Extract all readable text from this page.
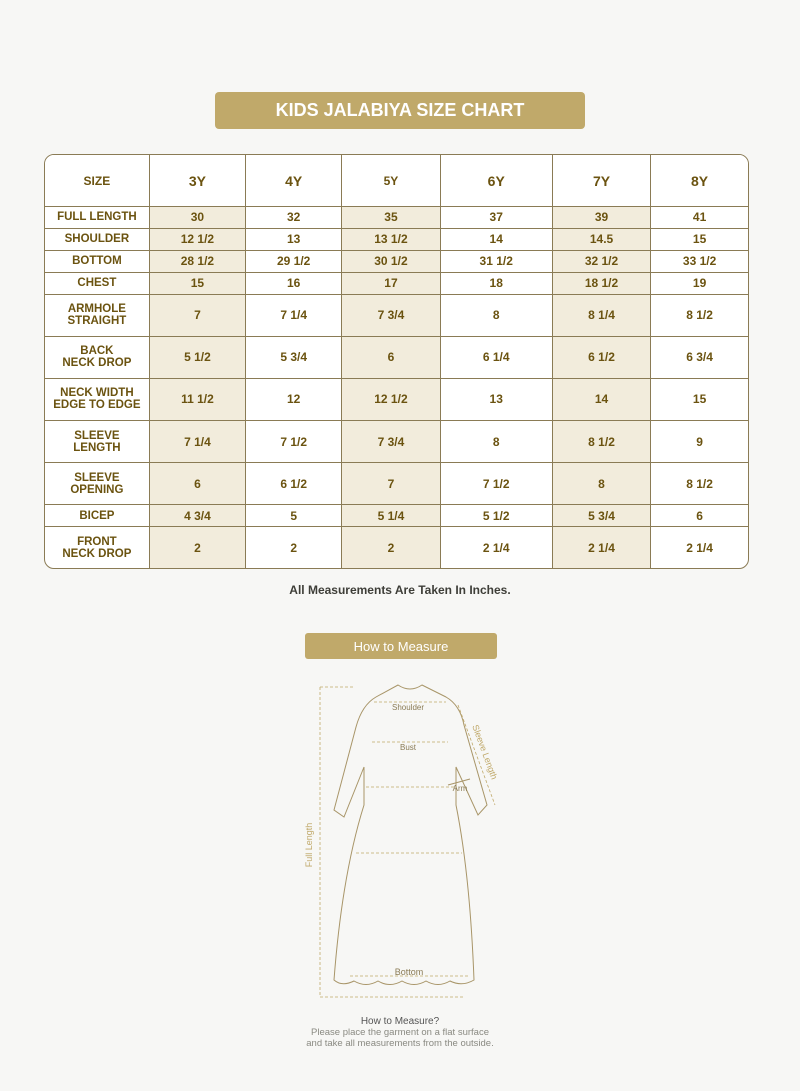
KIDS JALABIYA SIZE CHART
SIZE	3Y	4Y	5Y	6Y	7Y	8Y

FULL LENGTH	30	32	35	37	39	41

SHOULDER	12 1/2	13	13 1/2	14	14.5	15

BOTTOM	28 1/2	29 1/2	30 1/2	31 1/2	32 1/2	33 1/2

CHEST	15	16	17	18	18 1/2	19

ARMHOLE
STRAIGHT	7	7 1/4	7 3/4	8	8 1/4	8 1/2

BACK
NECK DROP	5 1/2	5 3/4	6	6 1/4	6 1/2	6 3/4

NECK WIDTH
EDGE TO EDGE	11 1/2	12	12 1/2	13	14	15

SLEEVE
LENGTH	7 1/4	7 1/2	7 3/4	8	8 1/2	9

SLEEVE
OPENING	6	6 1/2	7	7 1/2	8	8 1/2

BICEP	4 3/4	5	5 1/4	5 1/2	5 3/4	6

FRONT
NECK DROP	2	2	2	2 1/4	2 1/4	2 1/4
All Measurements Are Taken In Inches.
How to Measure
Shoulder
Bust
Arm
Sleeve Length
Full Length
Bottom
How to Measure?
Please place the garment on a flat surface
and take all measurements from the outside.
